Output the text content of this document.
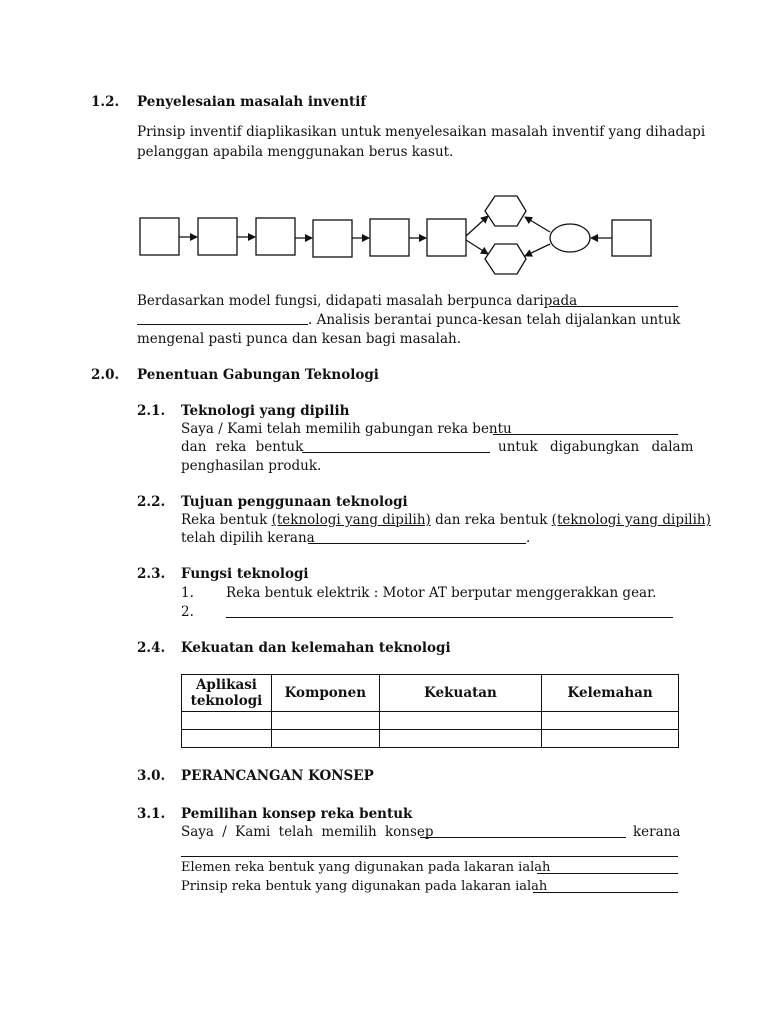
1.2. Penyelesaian masalah inventif
Prinsip inventif diaplikasikan untuk menyelesaikan masalah inventif yang dihadapi
pelanggan apabila menggunakan berus kasut.
Berdasarkan model fungsi, didapati masalah berpunca daripada
. Analisis berantai punca-kesan telah dijalankan untuk
mengenal pasti punca dan kesan bagi masalah.
2.0. Penentuan Gabungan Teknologi
2.1. Teknologi yang dipilih
Saya / Kami telah memilih gabungan reka bentu
dan reka bentuk	untuk digabungkan dalam
penghasilan produk.
2.2. Tujuan penggunaan teknologi
Reka bentuk (teknologi yang dipilih) dan reka bentuk (teknologi yang dipilih)
telah dipilih kerana	.
2.3. Fungsi teknologi
1. Reka bentuk elektrik : Motor AT berputar menggerakkan gear.
2.
2.4. Kekuatan dan kelemahan teknologi
Aplikasi teknologi	Komponen	Kekuatan	Kelemahan

3.0. PERANCANGAN KONSEP
3.1. Pemilihan konsep reka bentuk
Saya / Kami telah memilih konsep	kerana
Elemen reka bentuk yang digunakan pada lakaran ialah
Prinsip reka bentuk yang digunakan pada lakaran ialah
